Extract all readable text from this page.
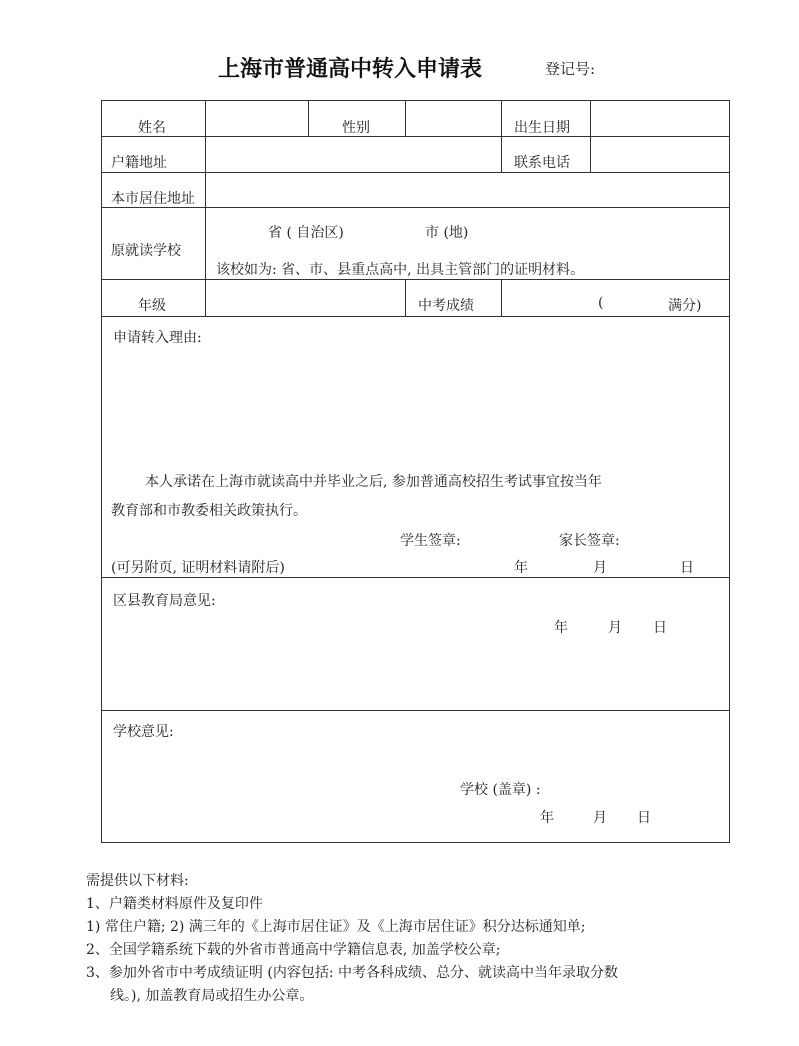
上海市普通高中转入申请表	登记号:
姓名	性别	出生日期
户籍地址	联系电话
本市居住地址
原就读学校
省 ( 自治区)	市 (地)
该校如为: 省、市、县重点高中, 出具主管部门的证明材料。
年级	中考成绩	(	满分)
申请转入理由:
本人承诺在上海市就读高中并毕业之后, 参加普通高校招生考试事宜按当年
教育部和市教委相关政策执行。
学生签章:	家长签章:
(可另附页, 证明材料请附后)	年	月	日
区县教育局意见:
年	月 日
学校意见:
学校 (盖章) :
年	月 日
需提供以下材料:
1、户籍类材料原件及复印件
1) 常住户籍; 2) 满三年的《上海市居住证》及《上海市居住证》积分达标通知单;
2、全国学籍系统下载的外省市普通高中学籍信息表, 加盖学校公章;
3、参加外省市中考成绩证明 (内容包括: 中考各科成绩、总分、就读高中当年录取分数
线。), 加盖教育局或招生办公章。
